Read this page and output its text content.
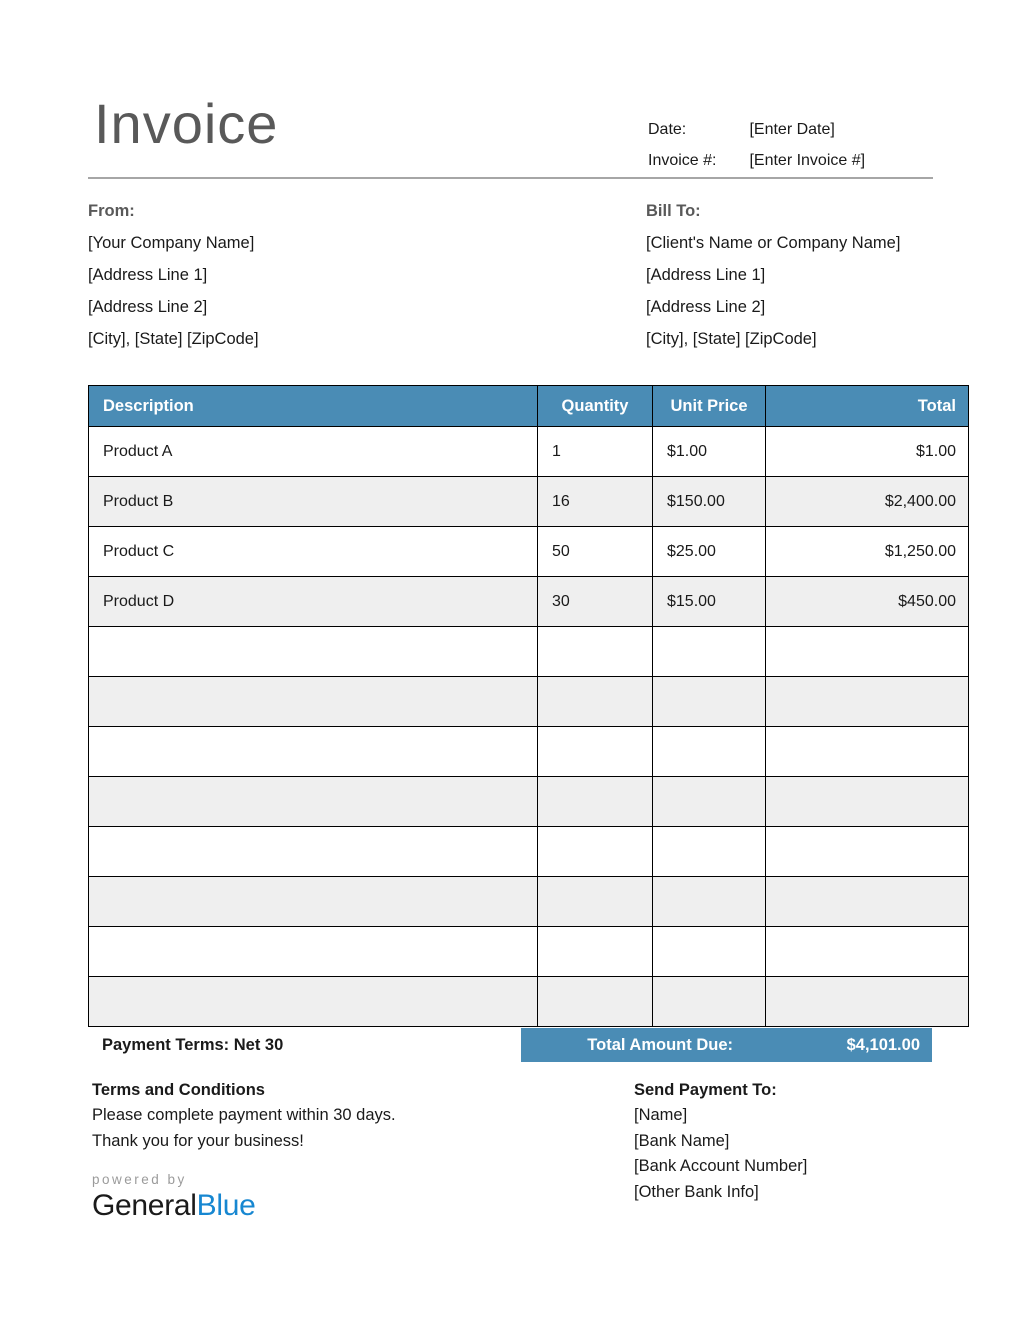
Invoice	Date:	[Enter Date]
Invoice #: [Enter Invoice #]
From:
[Your Company Name]
[Address Line 1]
[Address Line 2]
[City], [State] [ZipCode]
Bill To:
[Client's Name or Company Name]
[Address Line 1]
[Address Line 2]
[City], [State] [ZipCode]
Description	Quantity	Unit Price	Total
Product A	1	$1.00	$1.00
Product B	16	$150.00	$2,400.00
Product C	50	$25.00	$1,250.00
Product D	30	$15.00	$450.00

Payment Terms: Net 30	Total Amount Due:	$4,101.00
Terms and Conditions
Please complete payment within 30 days.
Thank you for your business!
Send Payment To:
[Name]
[Bank Name]
[Bank Account Number]
[Other Bank Info]
powered by
GeneralBlue
